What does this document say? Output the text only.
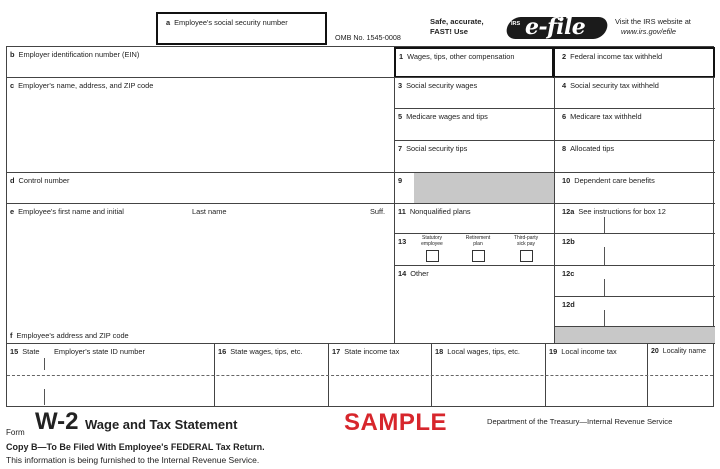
a Employee's social security number
OMB No. 1545-0008
Safe, accurate,
FAST! Use
IRS e-file	Visit the IRS website at
www.irs.gov/efile
b Employer identification number (EIN)
c Employer's name, address, and ZIP code
d Control number
e Employee's first name and initial	Last name	Suff.
f Employee's address and ZIP code
1 Wages, tips, other compensation
3 Social security wages
5 Medicare wages and tips
7 Social security tips
9
11 Nonqualified plans
13	Statutory employee
Retirement plan
Third-party sick pay
14 Other
2 Federal income tax withheld
4 Social security tax withheld
6 Medicare tax withheld
8 Allocated tips
10 Dependent care benefits
12a See instructions for box 12
12b
12c
12d
15 State Employer's state ID number	16 State wages, tips, etc.	17 State income tax	18 Local wages, tips, etc.	19 Local income tax	20 Locality name
Form W-2 Wage and Tax Statement	SAMPLE	Department of the Treasury—Internal Revenue Service
Copy B—To Be Filed With Employee's FEDERAL Tax Return.
This information is being furnished to the Internal Revenue Service.
